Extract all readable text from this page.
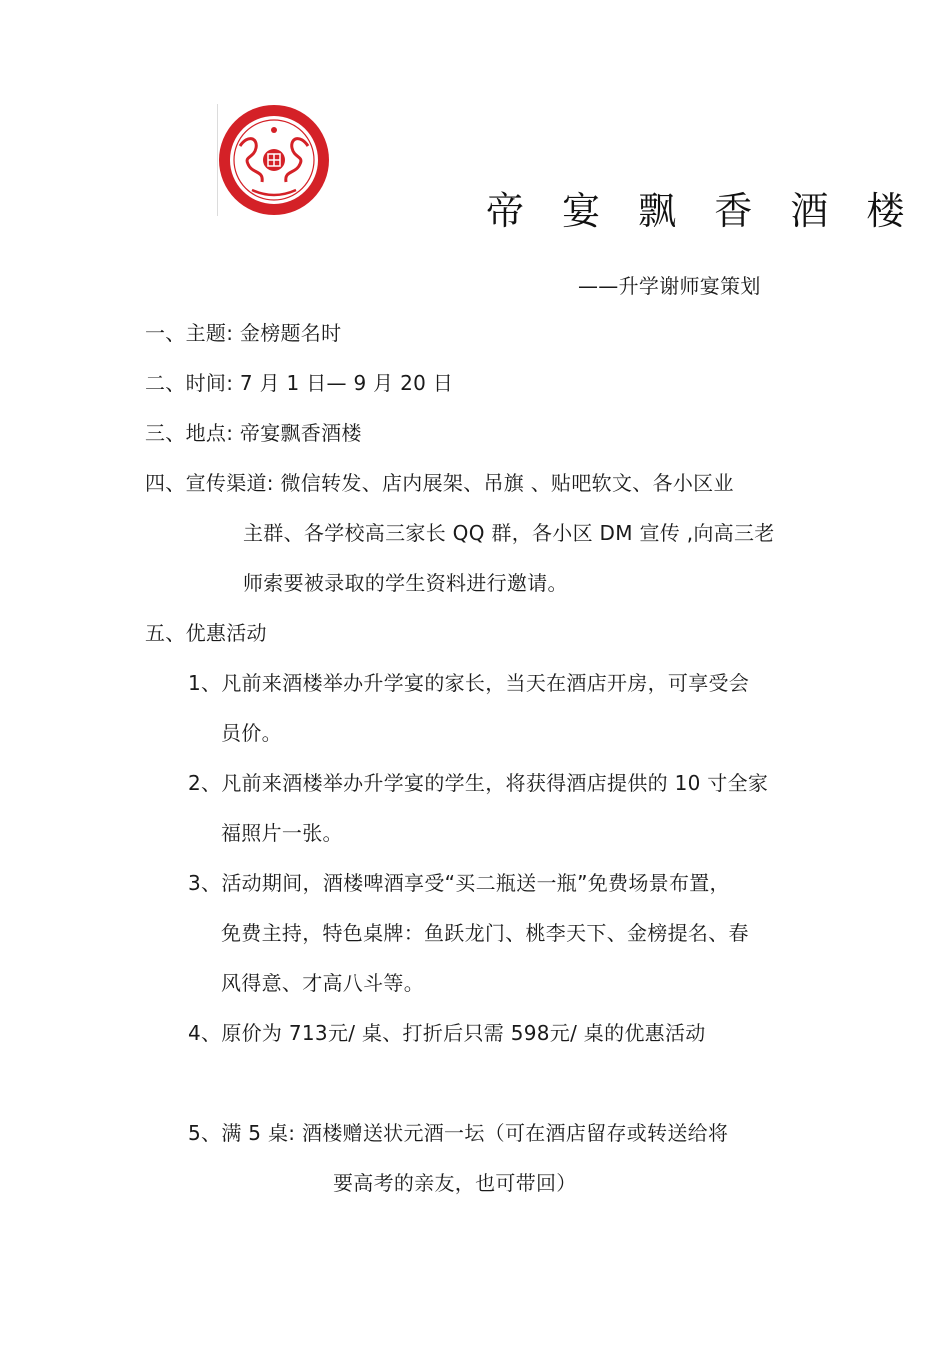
帝 宴 飘 香 酒 楼
——升学谢师宴策划
一、主题: 金榜题名时
二、时间: 7 月 1 日— 9 月 20 日
三、地点: 帝宴飘香酒楼
四、宣传渠道: 微信转发、店内展架、吊旗 、贴吧软文、各小区业
主群、各学校高三家长 QQ 群，各小区 DM 宣传 ,向高三老
师索要被录取的学生资料进行邀请。
五、优惠活动
1、凡前来酒楼举办升学宴的家长，当天在酒店开房，可享受会
员价。
2、凡前来酒楼举办升学宴的学生，将获得酒店提供的 10 寸全家
福照片一张。
3、活动期间，酒楼啤酒享受“买二瓶送一瓶”免费场景布置，
免费主持，特色桌牌：鱼跃龙门、桃李天下、金榜提名、春
风得意、才高八斗等。
4、原价为 713元/ 桌、打折后只需 598元/ 桌的优惠活动
5、满 5 桌: 酒楼赠送状元酒一坛（可在酒店留存或转送给将
要高考的亲友，也可带回）
